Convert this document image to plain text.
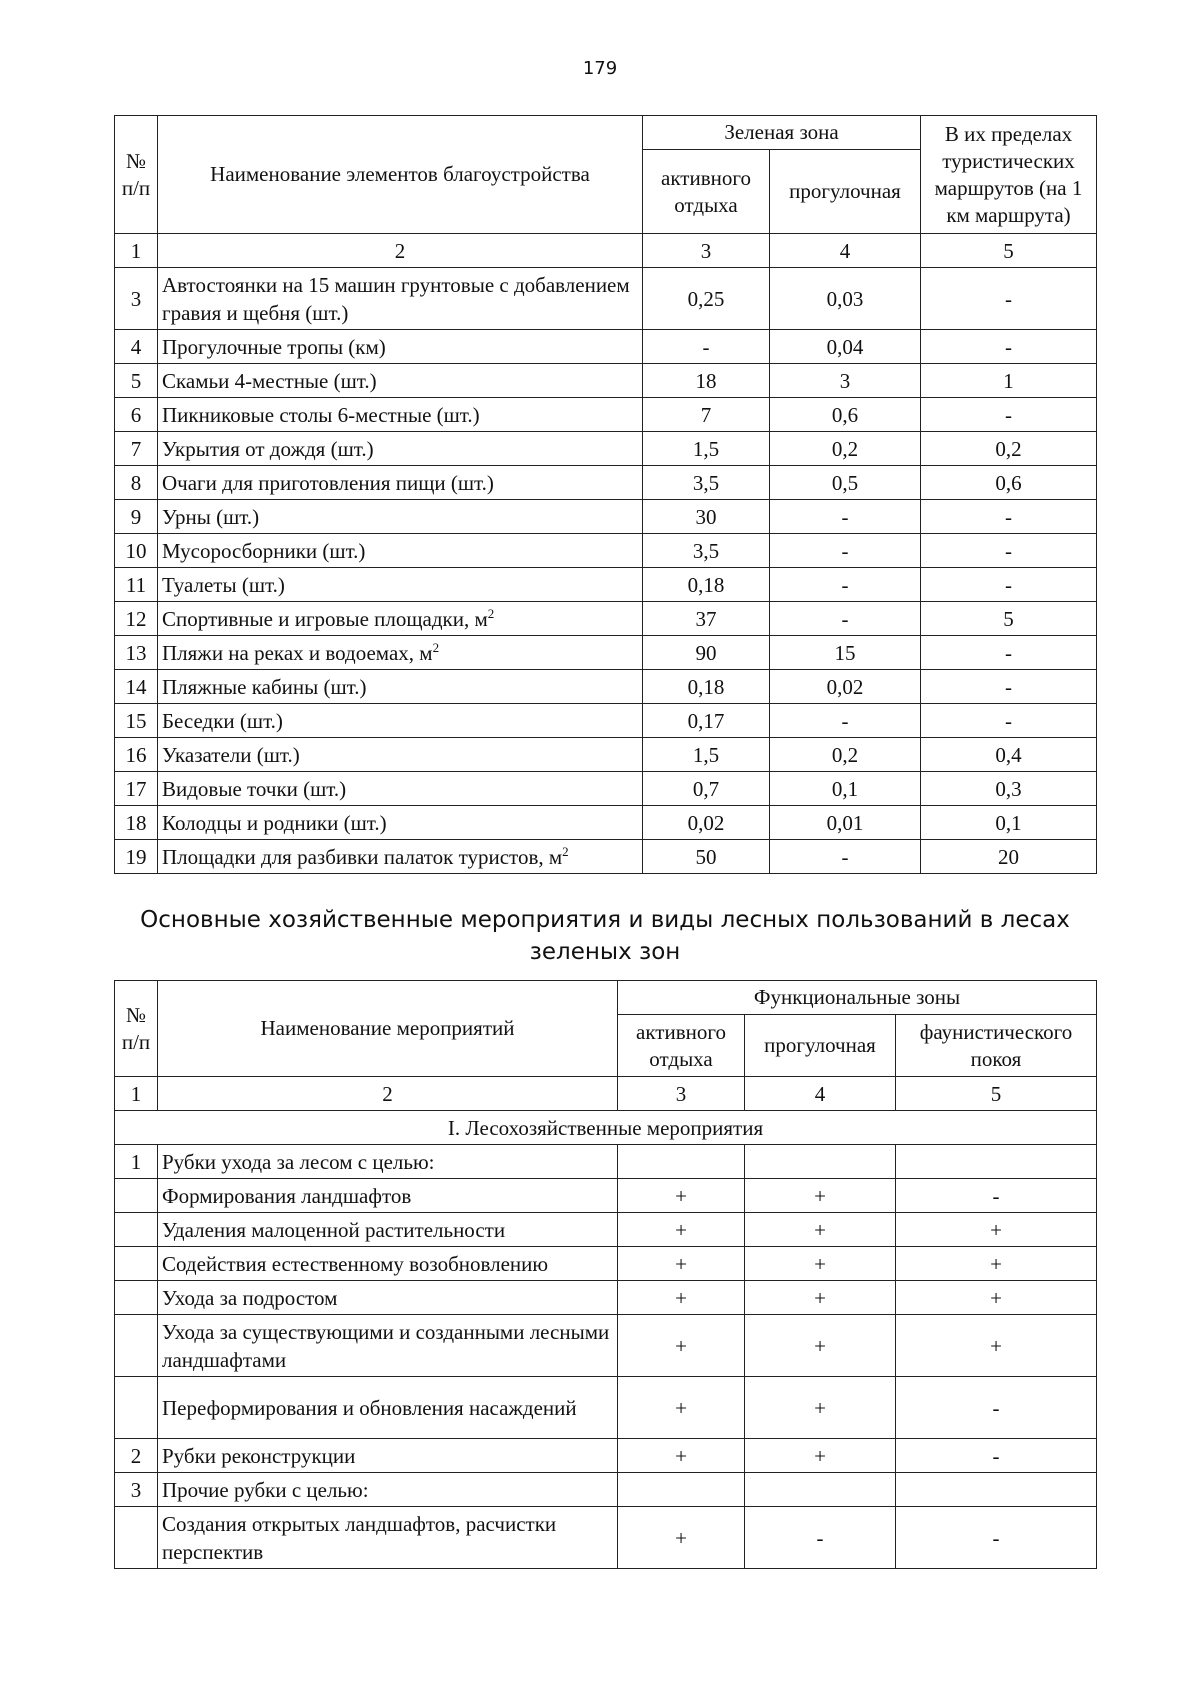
179
№ п/п	Наименование элементов благоустройства	Зеленая зона		В их пределах туристических маршрутов (на 1 км маршрута)
		активного отдыха	прогулочная	
1	2	3	4	5
3	Автостоянки на 15 машин грунтовые с добавлением гравия и щебня (шт.)	0,25	0,03	-
4	Прогулочные тропы (км)	-	0,04	-
5	Скамьи 4-местные (шт.)	18	3	1
6	Пикниковые столы 6-местные (шт.)	7	0,6	-
7	Укрытия от дождя (шт.)	1,5	0,2	0,2
8	Очаги для приготовления пищи (шт.)	3,5	0,5	0,6
9	Урны (шт.)	30	-	-
10	Мусоросборники (шт.)	3,5	-	-
11	Туалеты (шт.)	0,18	-	-
12	Спортивные и игровые площадки, $м^2$	37	-	5
13	Пляжи на реках и водоемах, $м^2$	90	15	-
14	Пляжные кабины (шт.)	0,18	0,02	-
15	Беседки (шт.)	0,17	-	-
16	Указатели (шт.)	1,5	0,2	0,4
17	Видовые точки (шт.)	0,7	0,1	0,3
18	Колодцы и родники (шт.)	0,02	0,01	0,1
19	Площадки для разбивки палаток туристов, $м^2$	50	-	20
Основные хозяйственные мероприятия и виды лесных пользований в лесах зеленых зон
№ п/п	Наименование мероприятий	Функциональные зоны		
		активного отдыха	прогулочная	фаунистического покоя
1	2	3	4	5
I. Лесохозяйственные мероприятия				
1	Рубки ухода за лесом с целью:			
	Формирования ландшафтов	+	+	-
	Удаления малоценной растительности	+	+	+
	Содействия естественному возобновлению	+	+	+
	Ухода за подростом	+	+	+
	Ухода за существующими и созданными лесными ландшафтами	+	+	+
	Переформирования и обновления насаждений	+	+	-
2	Рубки реконструкции	+	+	-
3	Прочие рубки с целью:			
	Создания открытых ландшафтов, расчистки перспектив	+	-	-
